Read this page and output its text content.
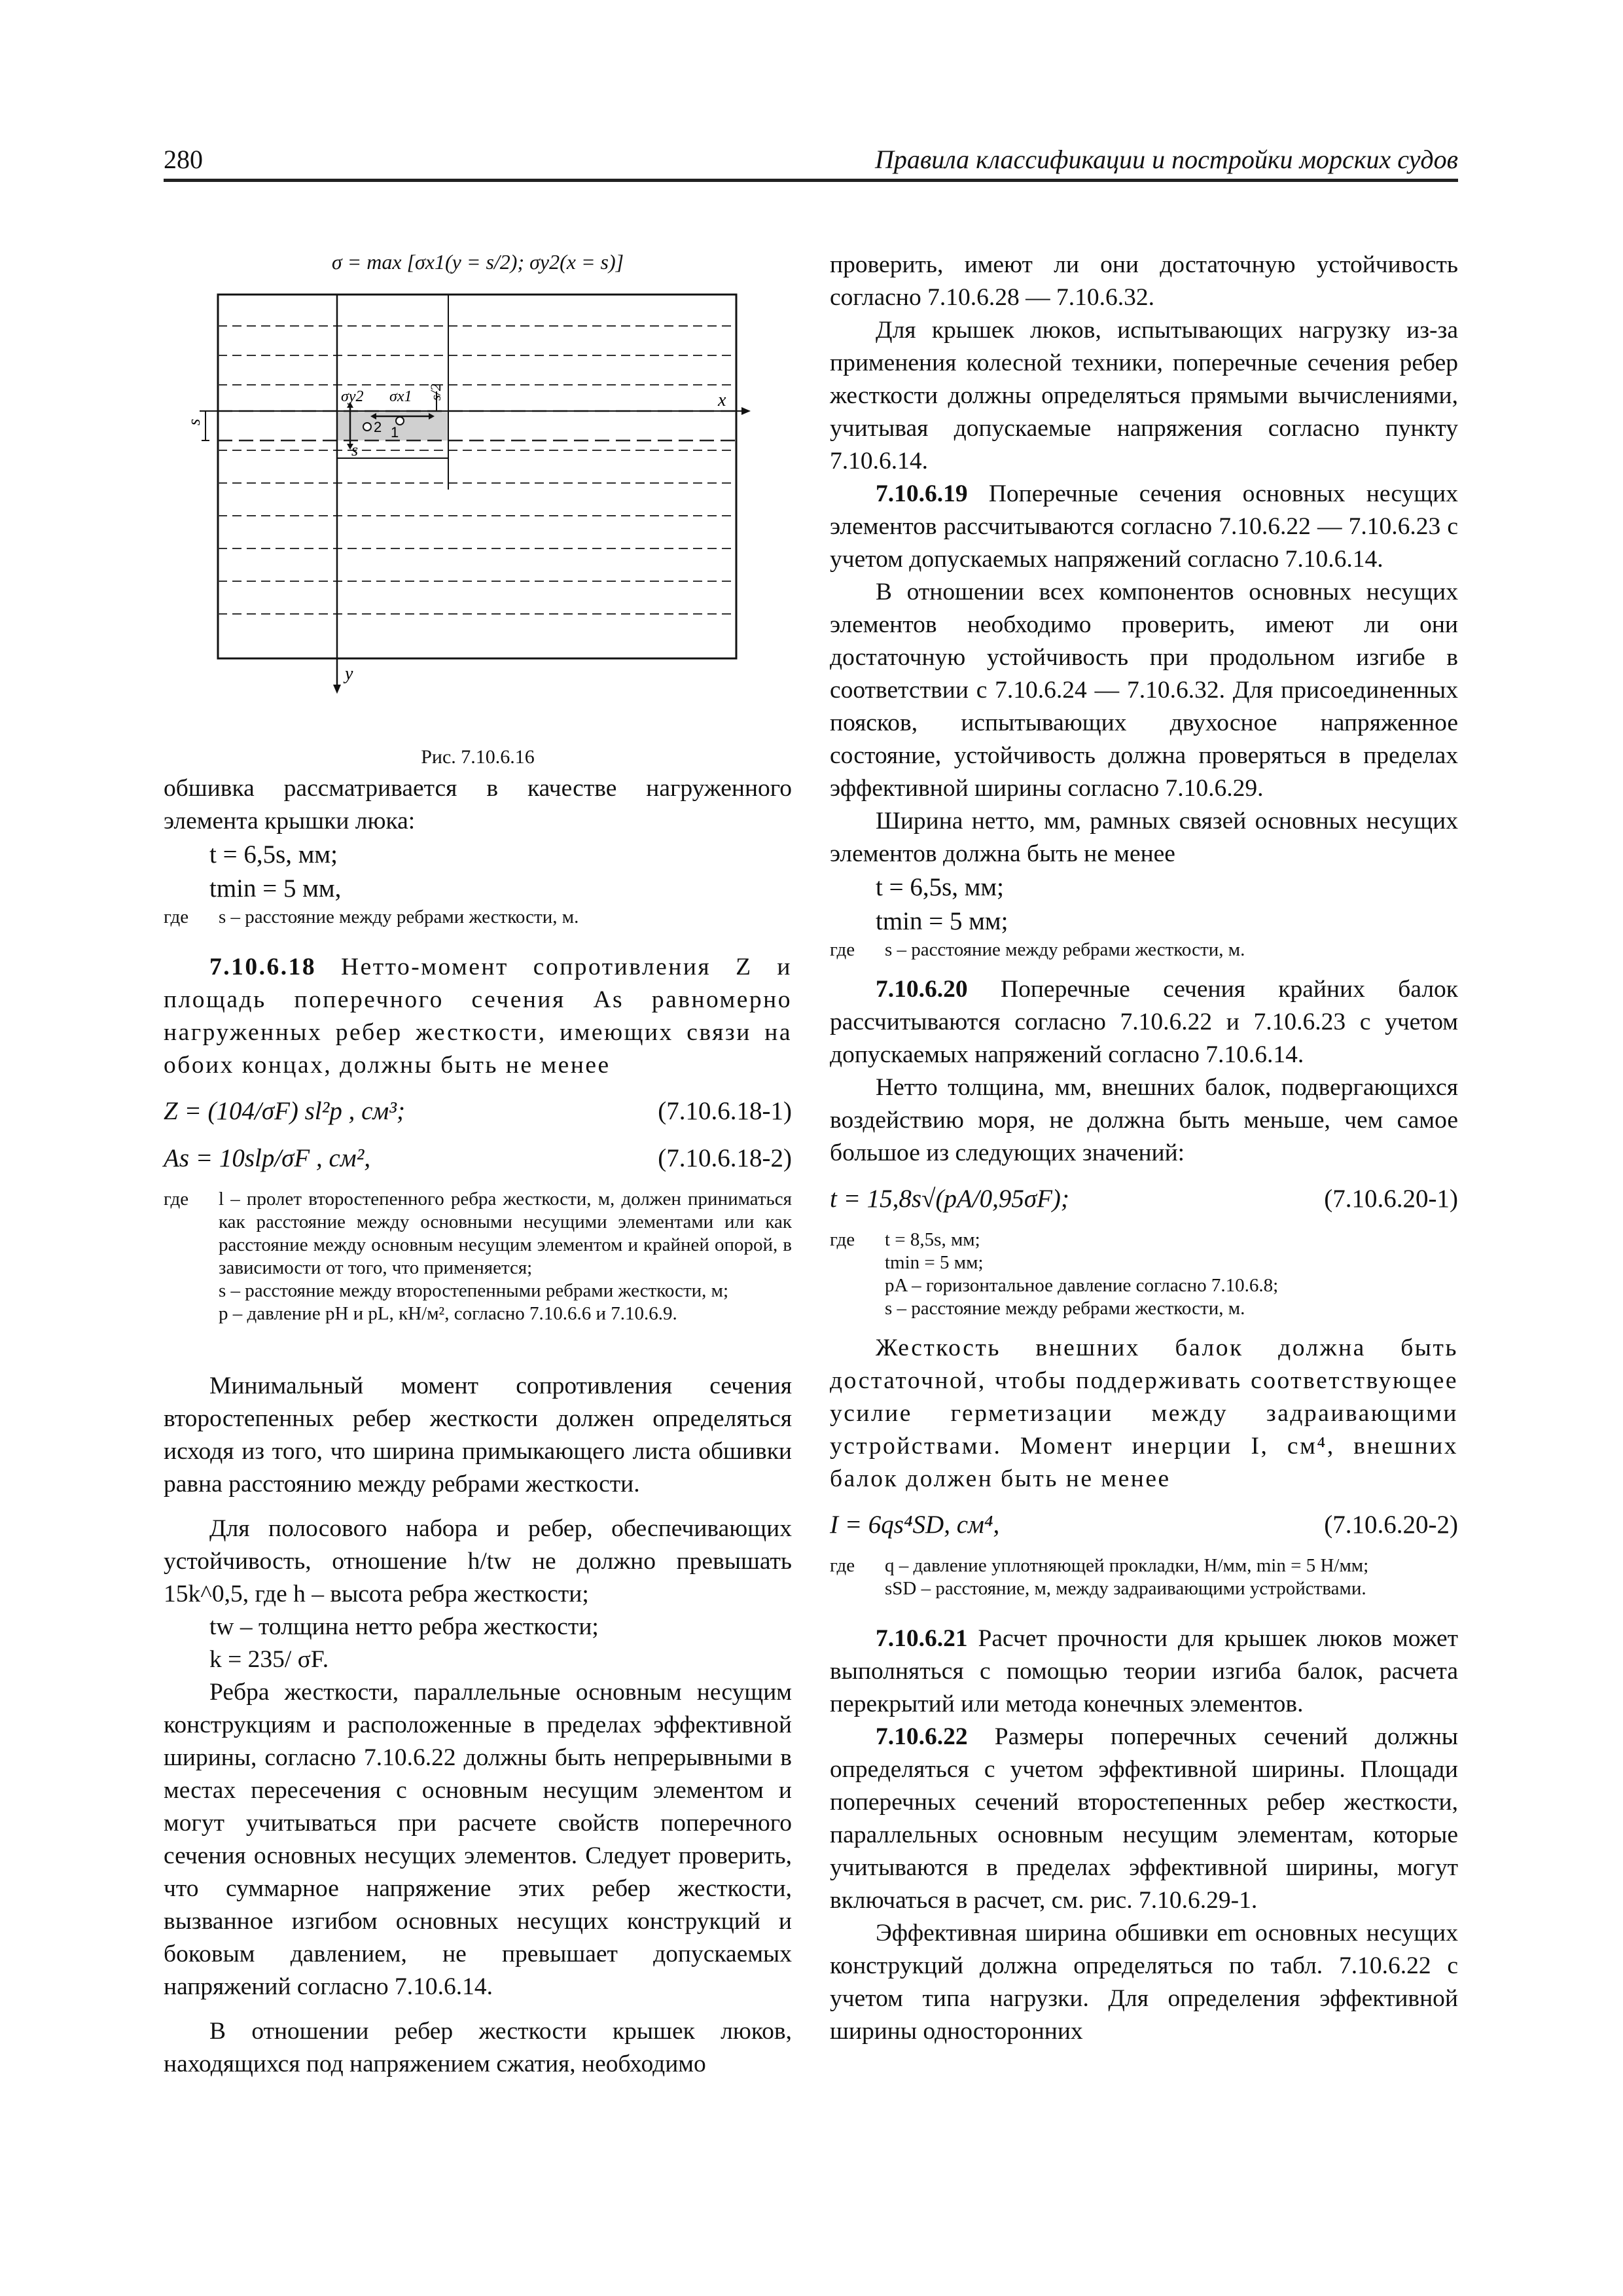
280	Правила классификации и постройки морских судов
σ = max [σx1(y = s/2); σy2(x = s)]
s
x
y
σy2 σx1 s/2
s
1
2
Рис. 7.10.6.16

обшивка рассматривается в качестве нагруженного элемента крышки люка:

t = 6,5s, мм;
tmin = 5 мм,
где	s – расстояние между ребрами жесткости, м.

7.10.6.18 Нетто-момент сопротивления Z и площадь поперечного сечения As равномерно нагруженных ребер жесткости, имеющих связи на обоих концах, должны быть не менее

Z = (104/σF) sl²p , см³;	(7.10.6.18-1)
As = 10slp/σF , см²,	(7.10.6.18-2)
где	l – пролет второстепенного ребра жесткости, м, должен приниматься как расстояние между основными несущими элементами или как расстояние между основным несущим элементом и крайней опорой, в зависимости от того, что применяется;
s – расстояние между второстепенными ребрами жесткости, м;
p – давление pH и pL, кН/м², согласно 7.10.6.6 и 7.10.6.9.

Минимальный момент сопротивления сечения второстепенных ребер жесткости должен определяться исходя из того, что ширина примыкающего листа обшивки равна расстоянию между ребрами жесткости.

Для полосового набора и ребер, обеспечивающих устойчивость, отношение h/tw не должно превышать 15k^0,5, где h – высота ребра жесткости;

tw – толщина нетто ребра жесткости;

k = 235/ σF.

Ребра жесткости, параллельные основным несущим конструкциям и расположенные в пределах эффективной ширины, согласно 7.10.6.22 должны быть непрерывными в местах пересечения с основным несущим элементом и могут учитываться при расчете свойств поперечного сечения основных несущих элементов. Следует проверить, что суммарное напряжение этих ребер жесткости, вызванное изгибом основных несущих конструкций и боковым давлением, не превышает допускаемых напряжений согласно 7.10.6.14.

В отношении ребер жесткости крышек люков, находящихся под напряжением сжатия, необходимо

проверить, имеют ли они достаточную устойчивость согласно 7.10.6.28 — 7.10.6.32.

Для крышек люков, испытывающих нагрузку из-за применения колесной техники, поперечные сечения ребер жесткости должны определяться прямыми вычислениями, учитывая допускаемые напряжения согласно пункту 7.10.6.14.

7.10.6.19 Поперечные сечения основных несущих элементов рассчитываются согласно 7.10.6.22 — 7.10.6.23 с учетом допускаемых напряжений согласно 7.10.6.14.

В отношении всех компонентов основных несущих элементов необходимо проверить, имеют ли они достаточную устойчивость при продольном изгибе в соответствии с 7.10.6.24 — 7.10.6.32. Для присоединенных поясков, испытывающих двухосное напряженное состояние, устойчивость должна проверяться в пределах эффективной ширины согласно 7.10.6.29.

Ширина нетто, мм, рамных связей основных несущих элементов должна быть не менее

t = 6,5s, мм;
tmin = 5 мм;
где	s – расстояние между ребрами жесткости, м.

7.10.6.20 Поперечные сечения крайних балок рассчитываются согласно 7.10.6.22 и 7.10.6.23 с учетом допускаемых напряжений согласно 7.10.6.14.

Нетто толщина, мм, внешних балок, подвергающихся воздействию моря, не должна быть меньше, чем самое большое из следующих значений:

t = 15,8s√(pA/0,95σF);	(7.10.6.20-1)
где	t = 8,5s, мм;
tmin = 5 мм;
pA – горизонтальное давление согласно 7.10.6.8;
s – расстояние между ребрами жесткости, м.

Жесткость внешних балок должна быть достаточной, чтобы поддерживать соответствующее усилие герметизации между задраивающими устройствами. Момент инерции I, см⁴, внешних балок должен быть не менее

I = 6qs⁴SD, см⁴,	(7.10.6.20-2)
где	q – давление уплотняющей прокладки, Н/мм, min = 5 Н/мм;
sSD – расстояние, м, между задраивающими устройствами.

7.10.6.21 Расчет прочности для крышек люков может выполняться с помощью теории изгиба балок, расчета перекрытий или метода конечных элементов.

7.10.6.22 Размеры поперечных сечений должны определяться с учетом эффективной ширины. Площади поперечных сечений второстепенных ребер жесткости, параллельных основным несущим элементам, которые учитываются в пределах эффективной ширины, могут включаться в расчет, см. рис. 7.10.6.29-1.

Эффективная ширина обшивки em основных несущих конструкций должна определяться по табл. 7.10.6.22 с учетом типа нагрузки. Для определения эффективной ширины односторонних
